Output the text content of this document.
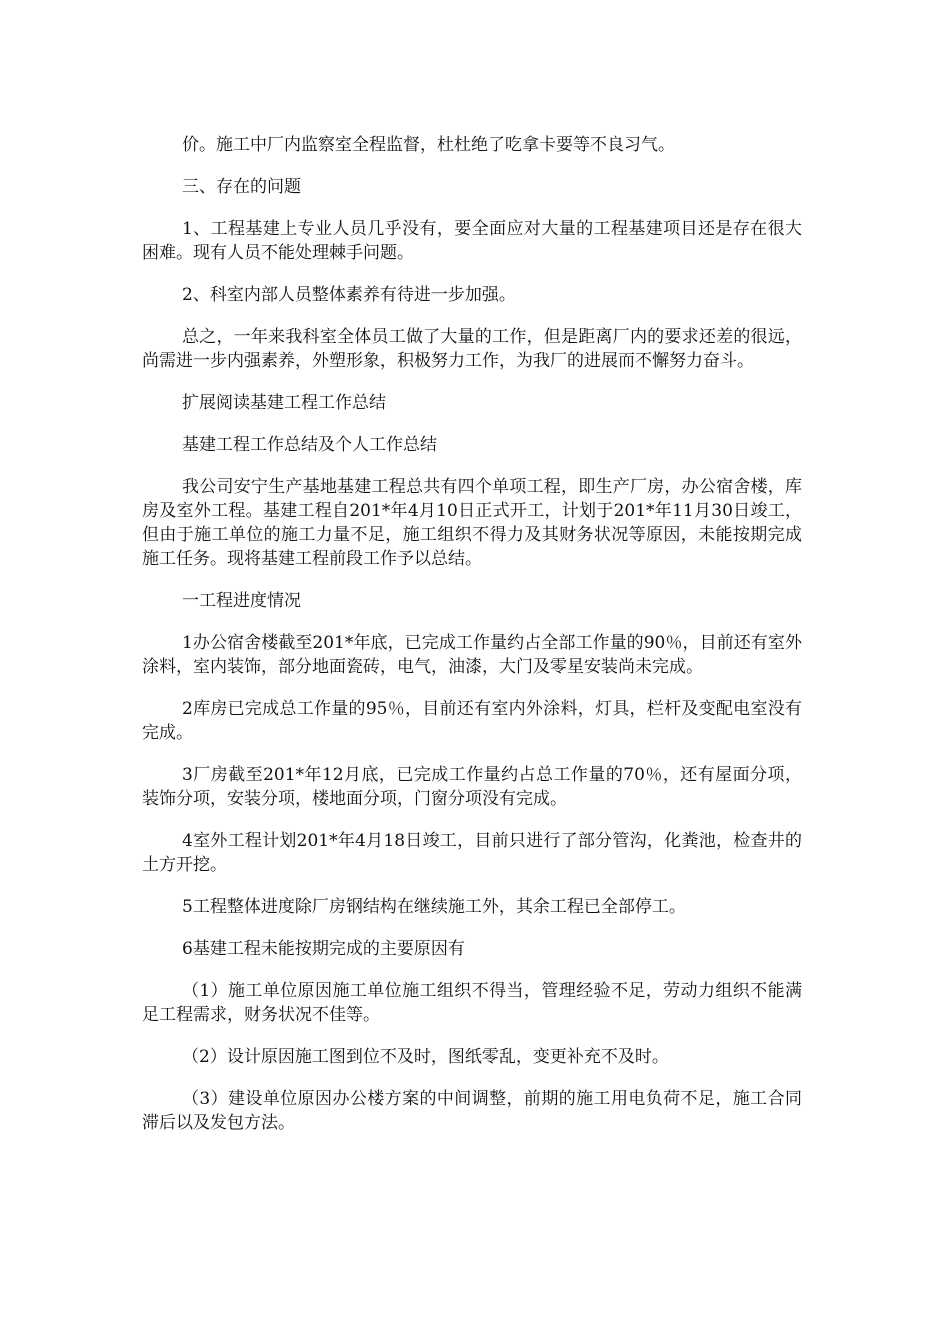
价。施工中厂内监察室全程监督，杜杜绝了吃拿卡要等不良习气。

三、存在的问题

1、工程基建上专业人员几乎没有，要全面应对大量的工程基建项目还是存在很大困难。现有人员不能处理棘手问题。

2、科室内部人员整体素养有待进一步加强。

总之，一年来我科室全体员工做了大量的工作，但是距离厂内的要求还差的很远，尚需进一步内强素养，外塑形象，积极努力工作，为我厂的进展而不懈努力奋斗。

扩展阅读基建工程工作总结

基建工程工作总结及个人工作总结

我公司安宁生产基地基建工程总共有四个单项工程，即生产厂房，办公宿舍楼，库房及室外工程。基建工程自201*年4月10日正式开工，计划于201*年11月30日竣工，但由于施工单位的施工力量不足，施工组织不得力及其财务状况等原因，未能按期完成施工任务。现将基建工程前段工作予以总结。

一工程进度情况

1办公宿舍楼截至201*年底，已完成工作量约占全部工作量的90％，目前还有室外涂料，室内装饰，部分地面瓷砖，电气，油漆，大门及零星安装尚未完成。

2库房已完成总工作量的95％，目前还有室内外涂料，灯具，栏杆及变配电室没有完成。

3厂房截至201*年12月底，已完成工作量约占总工作量的70％，还有屋面分项，装饰分项，安装分项，楼地面分项，门窗分项没有完成。

4室外工程计划201*年4月18日竣工，目前只进行了部分管沟，化粪池，检查井的土方开挖。

5工程整体进度除厂房钢结构在继续施工外，其余工程已全部停工。

6基建工程未能按期完成的主要原因有

（1）施工单位原因施工单位施工组织不得当，管理经验不足，劳动力组织不能满足工程需求，财务状况不佳等。

（2）设计原因施工图到位不及时，图纸零乱，变更补充不及时。

（3）建设单位原因办公楼方案的中间调整，前期的施工用电负荷不足，施工合同滞后以及发包方法。
